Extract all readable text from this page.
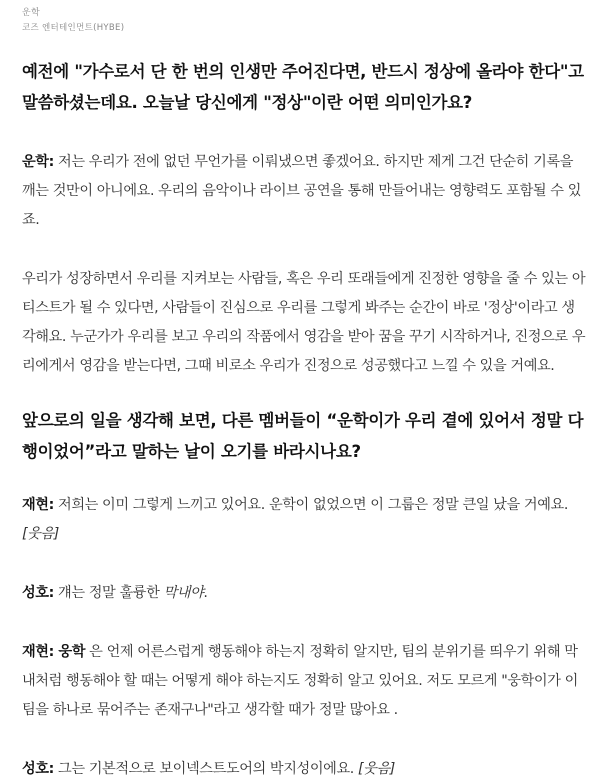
운학
코즈 엔터테인먼트(HYBE)

예전에 "가수로서 단 한 번의 인생만 주어진다면, 반드시 정상에 올라야 한다"고 말씀하셨는데요. 오늘날 당신에게 "정상"이란 어떤 의미인가요?

운학: 저는 우리가 전에 없던 무언가를 이뤄냈으면 좋겠어요. 하지만 제게 그건 단순히 기록을 깨는 것만이 아니에요. 우리의 음악이나 라이브 공연을 통해 만들어내는 영향력도 포함될 수 있죠.

우리가 성장하면서 우리를 지켜보는 사람들, 혹은 우리 또래들에게 진정한 영향을 줄 수 있는 아티스트가 될 수 있다면, 사람들이 진심으로 우리를 그렇게 봐주는 순간이 바로 '정상'이라고 생각해요. 누군가가 우리를 보고 우리의 작품에서 영감을 받아 꿈을 꾸기 시작하거나, 진정으로 우리에게서 영감을 받는다면, 그때 비로소 우리가 진정으로 성공했다고 느낄 수 있을 거예요.

앞으로의 일을 생각해 보면, 다른 멤버들이 “운학이가 우리 곁에 있어서 정말 다행이었어”라고 말하는 날이 오기를 바라시나요?

재현: 저희는 이미 그렇게 느끼고 있어요. 운학이 없었으면 이 그룹은 정말 큰일 났을 거예요. [웃음]

성호: 걔는 정말 훌륭한 막내야.

재현: 웅학 은 언제 어른스럽게 행동해야 하는지 정확히 알지만, 팀의 분위기를 띄우기 위해 막내처럼 행동해야 할 때는 어떻게 해야 하는지도 정확히 알고 있어요. 저도 모르게 "웅학이가 이 팀을 하나로 묶어주는 존재구나"라고 생각할 때가 정말 많아요 .

성호: 그는 기본적으로 보이넥스트도어의 박지성이에요. [웃음]
